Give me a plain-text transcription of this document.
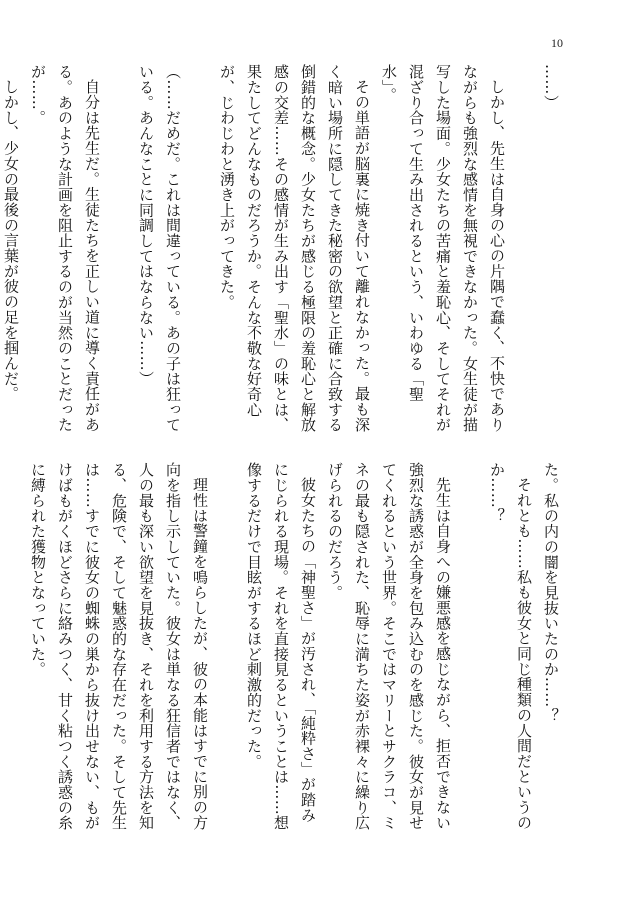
10

……）

しかし、先生は自身の心の片隅で蠢く、不快でありながらも強烈な感情を無視できなかった。女生徒が描写した場面。少女たちの苦痛と羞恥心、そしてそれが混ざり合って生み出されるという、いわゆる「聖水」。

その単語が脳裏に焼き付いて離れなかった。最も深く暗い場所に隠してきた秘密の欲望と正確に合致する倒錯的な概念。少女たちが感じる極限の羞恥心と解放感の交差……その感情が生み出す「聖水」の味とは、果たしてどんなものだろうか。そんな不敬な好奇心が、じわじわと湧き上がってきた。

（……だめだ。これは間違っている。あの子は狂っている。あんなことに同調してはならない……）

自分は先生だ。生徒たちを正しい道に導く責任がある。あのような計画を阻止するのが当然のことだったが……。

しかし、少女の最後の言葉が彼の足を掴んだ。

た。私の内の闇を見抜いたのか……？

それとも……私も彼女と同じ種類の人間だというのか……？

先生は自身への嫌悪感を感じながら、拒否できない強烈な誘惑が全身を包み込むのを感じた。彼女が見せてくれるという世界。そこではマリーとサクラコ、ミネの最も隠された、恥辱に満ちた姿が赤裸々に繰り広げられるのだろう。

彼女たちの「神聖さ」が汚され、「純粋さ」が踏みにじられる現場。それを直接見るということは……想像するだけで目眩がするほど刺激的だった。

理性は警鐘を鳴らしたが、彼の本能はすでに別の方向を指し示していた。彼女は単なる狂信者ではなく、人の最も深い欲望を見抜き、それを利用する方法を知る、危険で、そして魅惑的な存在だった。そして先生は……すでに彼女の蜘蛛の巣から抜け出せない、もがけばもがくほどさらに絡みつく、甘く粘つく誘惑の糸に縛られた獲物となっていた。
